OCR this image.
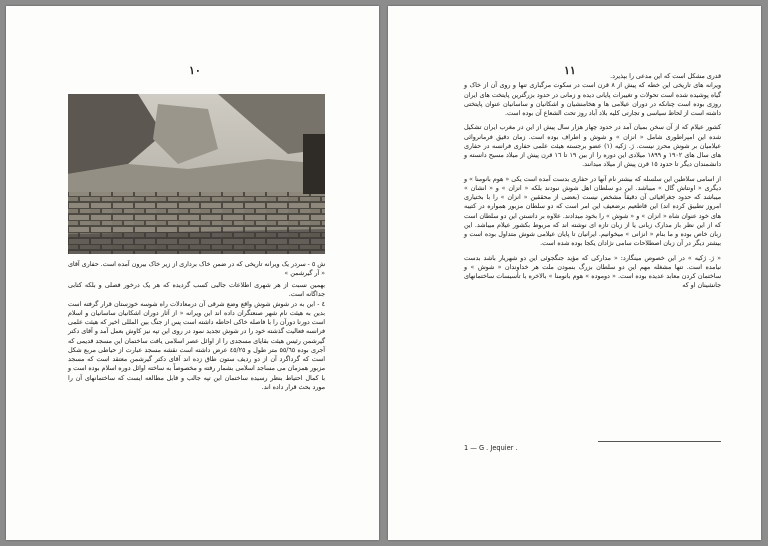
١٠

ش ٥ - سردر یک ویرانه تاریخی که در ضمن خاک برداری از زیر خاک بیرون آمده است. حفاری آقای « آر گیرشمن »

بهمین نسبت از هر شهری اطلاعات جالبی کسب گردیده که هر یک درخور فصلی و بلکه کتابی جداگانه است.

٤ - این به در شوش شوش واقع وضع شرقی آن درمعادلات راه شوسه خوزستان قرار گرفته است بدین به هیئت نام شهر صنعتگران داده اند این ویرانه « از آثار دوران اشکانیان ساسانیان و اسلام است دورنا دورآن را با فاصله خاکی احاطه داشته است پس از جنگ بین المللی اخیر که هیئت علمی فرانسه فعالیت گذشته خود را در شوش تجدید نمود در روی این تپه نیز کاوش بعمل آمد و آقای دکتر گیرشمن رئیس هیئت بقایای مسجدی را از اوائل عصر اسلامی یافت ساختمان این مسجد قدیمی که آجری بوده ٥٥/٦٥ متر طول و ٤٥/٢٥ عرض داشته است نقشه مسجد عبارت از حیاطی مربع شکل است که گرداگرد آن از دو ردیف ستون طاق زده اند آقای دکتر گیرشمن معتقد است که مسجد مزبور همزمان می مساجد اسلامی بشمار رفته و مخصوصاً به ساخته اوائل دوره اسلام بوده است و با کمال احتیاط بنظر رسیده ساختمان این تپه جالب و قابل مطالعه ایست که ساختمانهای آن را مورد بحث قرار داده اند.

١١	قدری مشکل است که این مدعی را بپذیرد.

ویرانه های تاریخی این خطه که پیش از ۸ قرن است در سکوت مرگباری تنها و روی آن از خاک و گیاه پوشیده شده است تحولات و تغییرات پایانی دیده و زمانی در حدود بزرگترین پایتخت های ایران روزی بوده است چنانکه در دوران عیلامی ها و هخامنشیان و اشکانیان و ساسانیان عنوان پایتختی داشته است از لحاظ سیاسی و تجارتی کلیه بلاد آباد روز تحت الشعاع آن بوده است.

کشور عیلام که از آن سخن بمیان آمد در حدود چهار هزار سال پیش از این در مغرب ایران تشکیل شده این امپراطوری شامل « انزان » و شوش و اطراف بوده است. زمان دقیق فرمانروائی عیلامیان بر شوش محرز نیست. ژ. ژکیه (١) عضو برجسته هیئت علمی حفاری فرانسه در حفاری های سال های ۱۹۰۲ و ۱۸۹۹ میلادی این دوره را از بین ١٩ تا ١٦ قرن پیش از میلاد مسیح دانسته و دانشمندان دیگر تا حدود ١٥ قرن پیش از میلاد میدانند.

از اسامی سلاطین این سلسله که بیشتر نام آنها در حفاری بدست آمده است یکی « هوم بانومنا » و دیگری « اونتاش گال » میباشد. این دو سلطان اهل شوش نبودند بلکه « انزان » و « انشان » میباشد که حدود جغرافیائی آن دقیقاً مشخص نیست (بعضی از محققین « انزان » را با بختیاری امروز تطبیق کرده اند) این قاطعیم برضعیف این امر است که دو سلطان مزبور همواره در کتیبه های خود عنوان شاه « انزان » و « شوش » را بخود میدادند. علاوه بر دانستن این دو سلطان است که از این نظر باز مدارک زبانی یا از زبان تازه ای نوشته اند که مربوط بکشور عیلام میباشد. این زبان خاص بوده و ما بنام « انزانی » میخوانیم. ایرانیان تا پایان عیلامی شوش متداول بوده است و بیشتر دیگر در آن زبان اصطلاحات سامی نژادان یکجا بوده شده است.

« ژ. ژکیه » در این خصوص مینگارد: « مدارکی که مؤید جنگجوئی این دو شهریار باشد بدست نیامده است. تنها مشغله مهم این دو سلطان بزرگ بنمودن ملت هر خداوندان « شوش » و ساختمان کردن معابد عدیده بوده است. « دوموده » هوم بانومنا » بالاخره با تأسیسات ساختمانهای جانشینان او که

1 — G . Jequier .
